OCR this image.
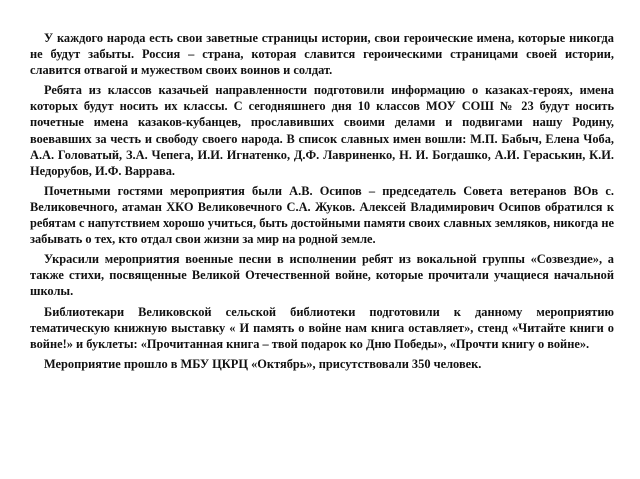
У каждого народа есть свои заветные страницы истории, свои героические имена, которые никогда не будут забыты. Россия – страна, которая славится героическими страницами своей истории, славится отвагой и мужеством своих воинов и солдат.

Ребята из классов казачьей направленности подготовили информацию о казаках-героях, имена которых будут носить их классы. С сегодняшнего дня 10 классов МОУ СОШ № 23 будут носить почетные имена казаков-кубанцев, прославивших своими делами и подвигами нашу Родину, воевавших за честь и свободу своего народа. В список славных имен вошли: М.П. Бабыч, Елена Чоба, А.А. Головатый, З.А. Чепега, И.И. Игнатенко, Д.Ф. Лавриненко, Н. И. Богдашко, А.И. Гераськин, К.И. Недорубов, И.Ф. Варрава.

Почетными гостями мероприятия были А.В. Осипов – председатель Совета ветеранов ВОв с. Великовечного, атаман ХКО Великовечного С.А. Жуков. Алексей Владимирович Осипов обратился к ребятам с напутствием хорошо учиться, быть достойными памяти своих славных земляков, никогда не забывать о тех, кто отдал свои жизни за мир на родной земле.

Украсили мероприятия военные песни в исполнении ребят из вокальной группы «Созвездие», а также стихи, посвященные Великой Отечественной войне, которые прочитали учащиеся начальной школы.

Библиотекари Великовской сельской библиотеки подготовили к данному мероприятию тематическую книжную выставку « И память о войне нам книга оставляет», стенд «Читайте книги о войне!» и буклеты: «Прочитанная книга – твой подарок ко Дню Победы», «Прочти книгу о войне».

Мероприятие прошло в МБУ ЦКРЦ «Октябрь», присутствовали 350 человек.
